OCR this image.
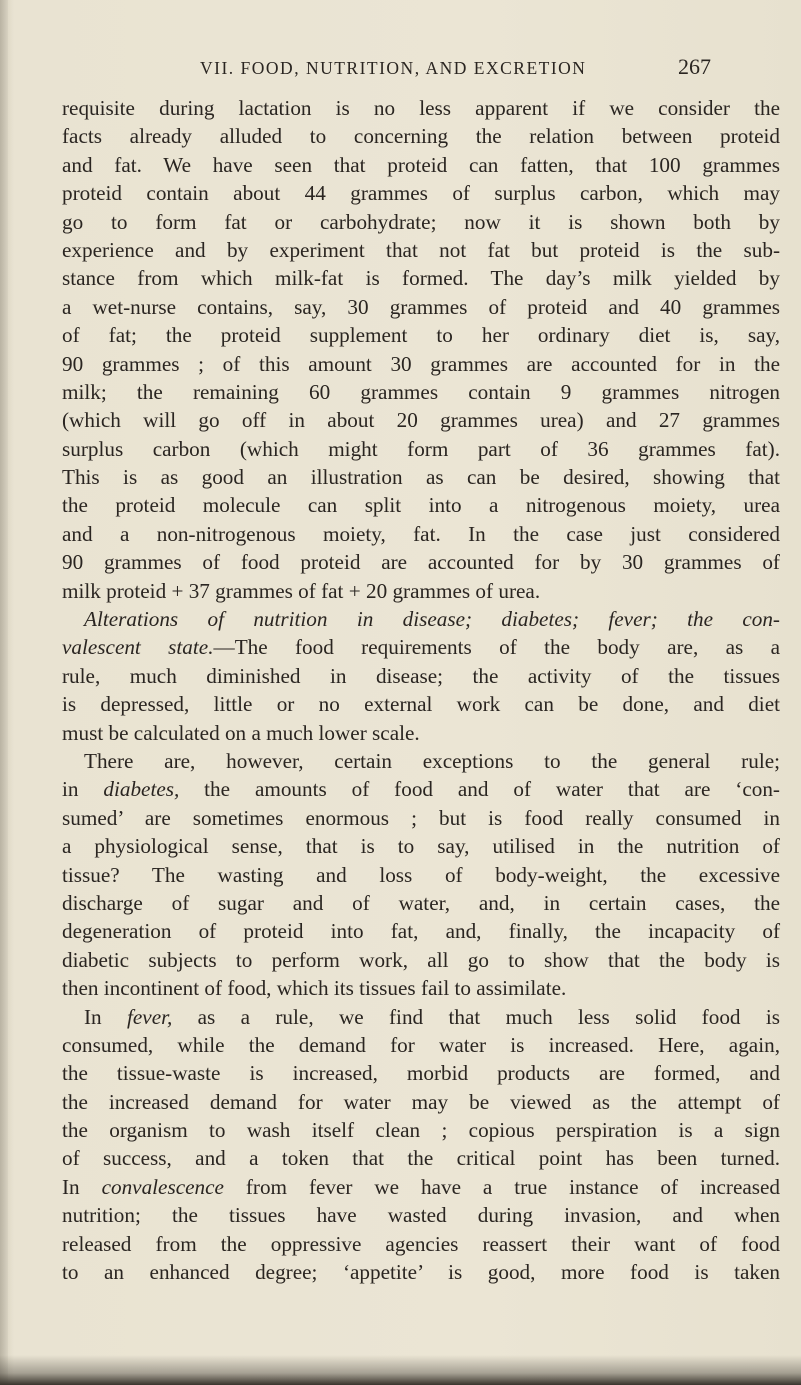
VII. FOOD, NUTRITION, AND EXCRETION	267
requisite during lactation is no less apparent if we consider the
facts already alluded to concerning the relation between proteid
and fat. We have seen that proteid can fatten, that 100 grammes
proteid contain about 44 grammes of surplus carbon, which may
go to form fat or carbohydrate; now it is shown both by
experience and by experiment that not fat but proteid is the sub-
stance from which milk-fat is formed. The day’s milk yielded by
a wet-nurse contains, say, 30 grammes of proteid and 40 grammes
of fat; the proteid supplement to her ordinary diet is, say,
90 grammes ; of this amount 30 grammes are accounted for in the
milk; the remaining 60 grammes contain 9 grammes nitrogen
(which will go off in about 20 grammes urea) and 27 grammes
surplus carbon (which might form part of 36 grammes fat).
This is as good an illustration as can be desired, showing that
the proteid molecule can split into a nitrogenous moiety, urea
and a non-nitrogenous moiety, fat. In the case just considered
90 grammes of food proteid are accounted for by 30 grammes of
milk proteid + 37 grammes of fat + 20 grammes of urea.
Alterations of nutrition in disease; diabetes; fever; the con-
valescent state.—The food requirements of the body are, as a
rule, much diminished in disease; the activity of the tissues
is depressed, little or no external work can be done, and diet
must be calculated on a much lower scale.
There are, however, certain exceptions to the general rule;
in diabetes, the amounts of food and of water that are ‘con-
sumed’ are sometimes enormous ; but is food really consumed in
a physiological sense, that is to say, utilised in the nutrition of
tissue? The wasting and loss of body-weight, the excessive
discharge of sugar and of water, and, in certain cases, the
degeneration of proteid into fat, and, finally, the incapacity of
diabetic subjects to perform work, all go to show that the body is
then incontinent of food, which its tissues fail to assimilate.
In fever, as a rule, we find that much less solid food is
consumed, while the demand for water is increased. Here, again,
the tissue-waste is increased, morbid products are formed, and
the increased demand for water may be viewed as the attempt of
the organism to wash itself clean ; copious perspiration is a sign
of success, and a token that the critical point has been turned.
In convalescence from fever we have a true instance of increased
nutrition; the tissues have wasted during invasion, and when
released from the oppressive agencies reassert their want of food
to an enhanced degree; ‘appetite’ is good, more food is taken
